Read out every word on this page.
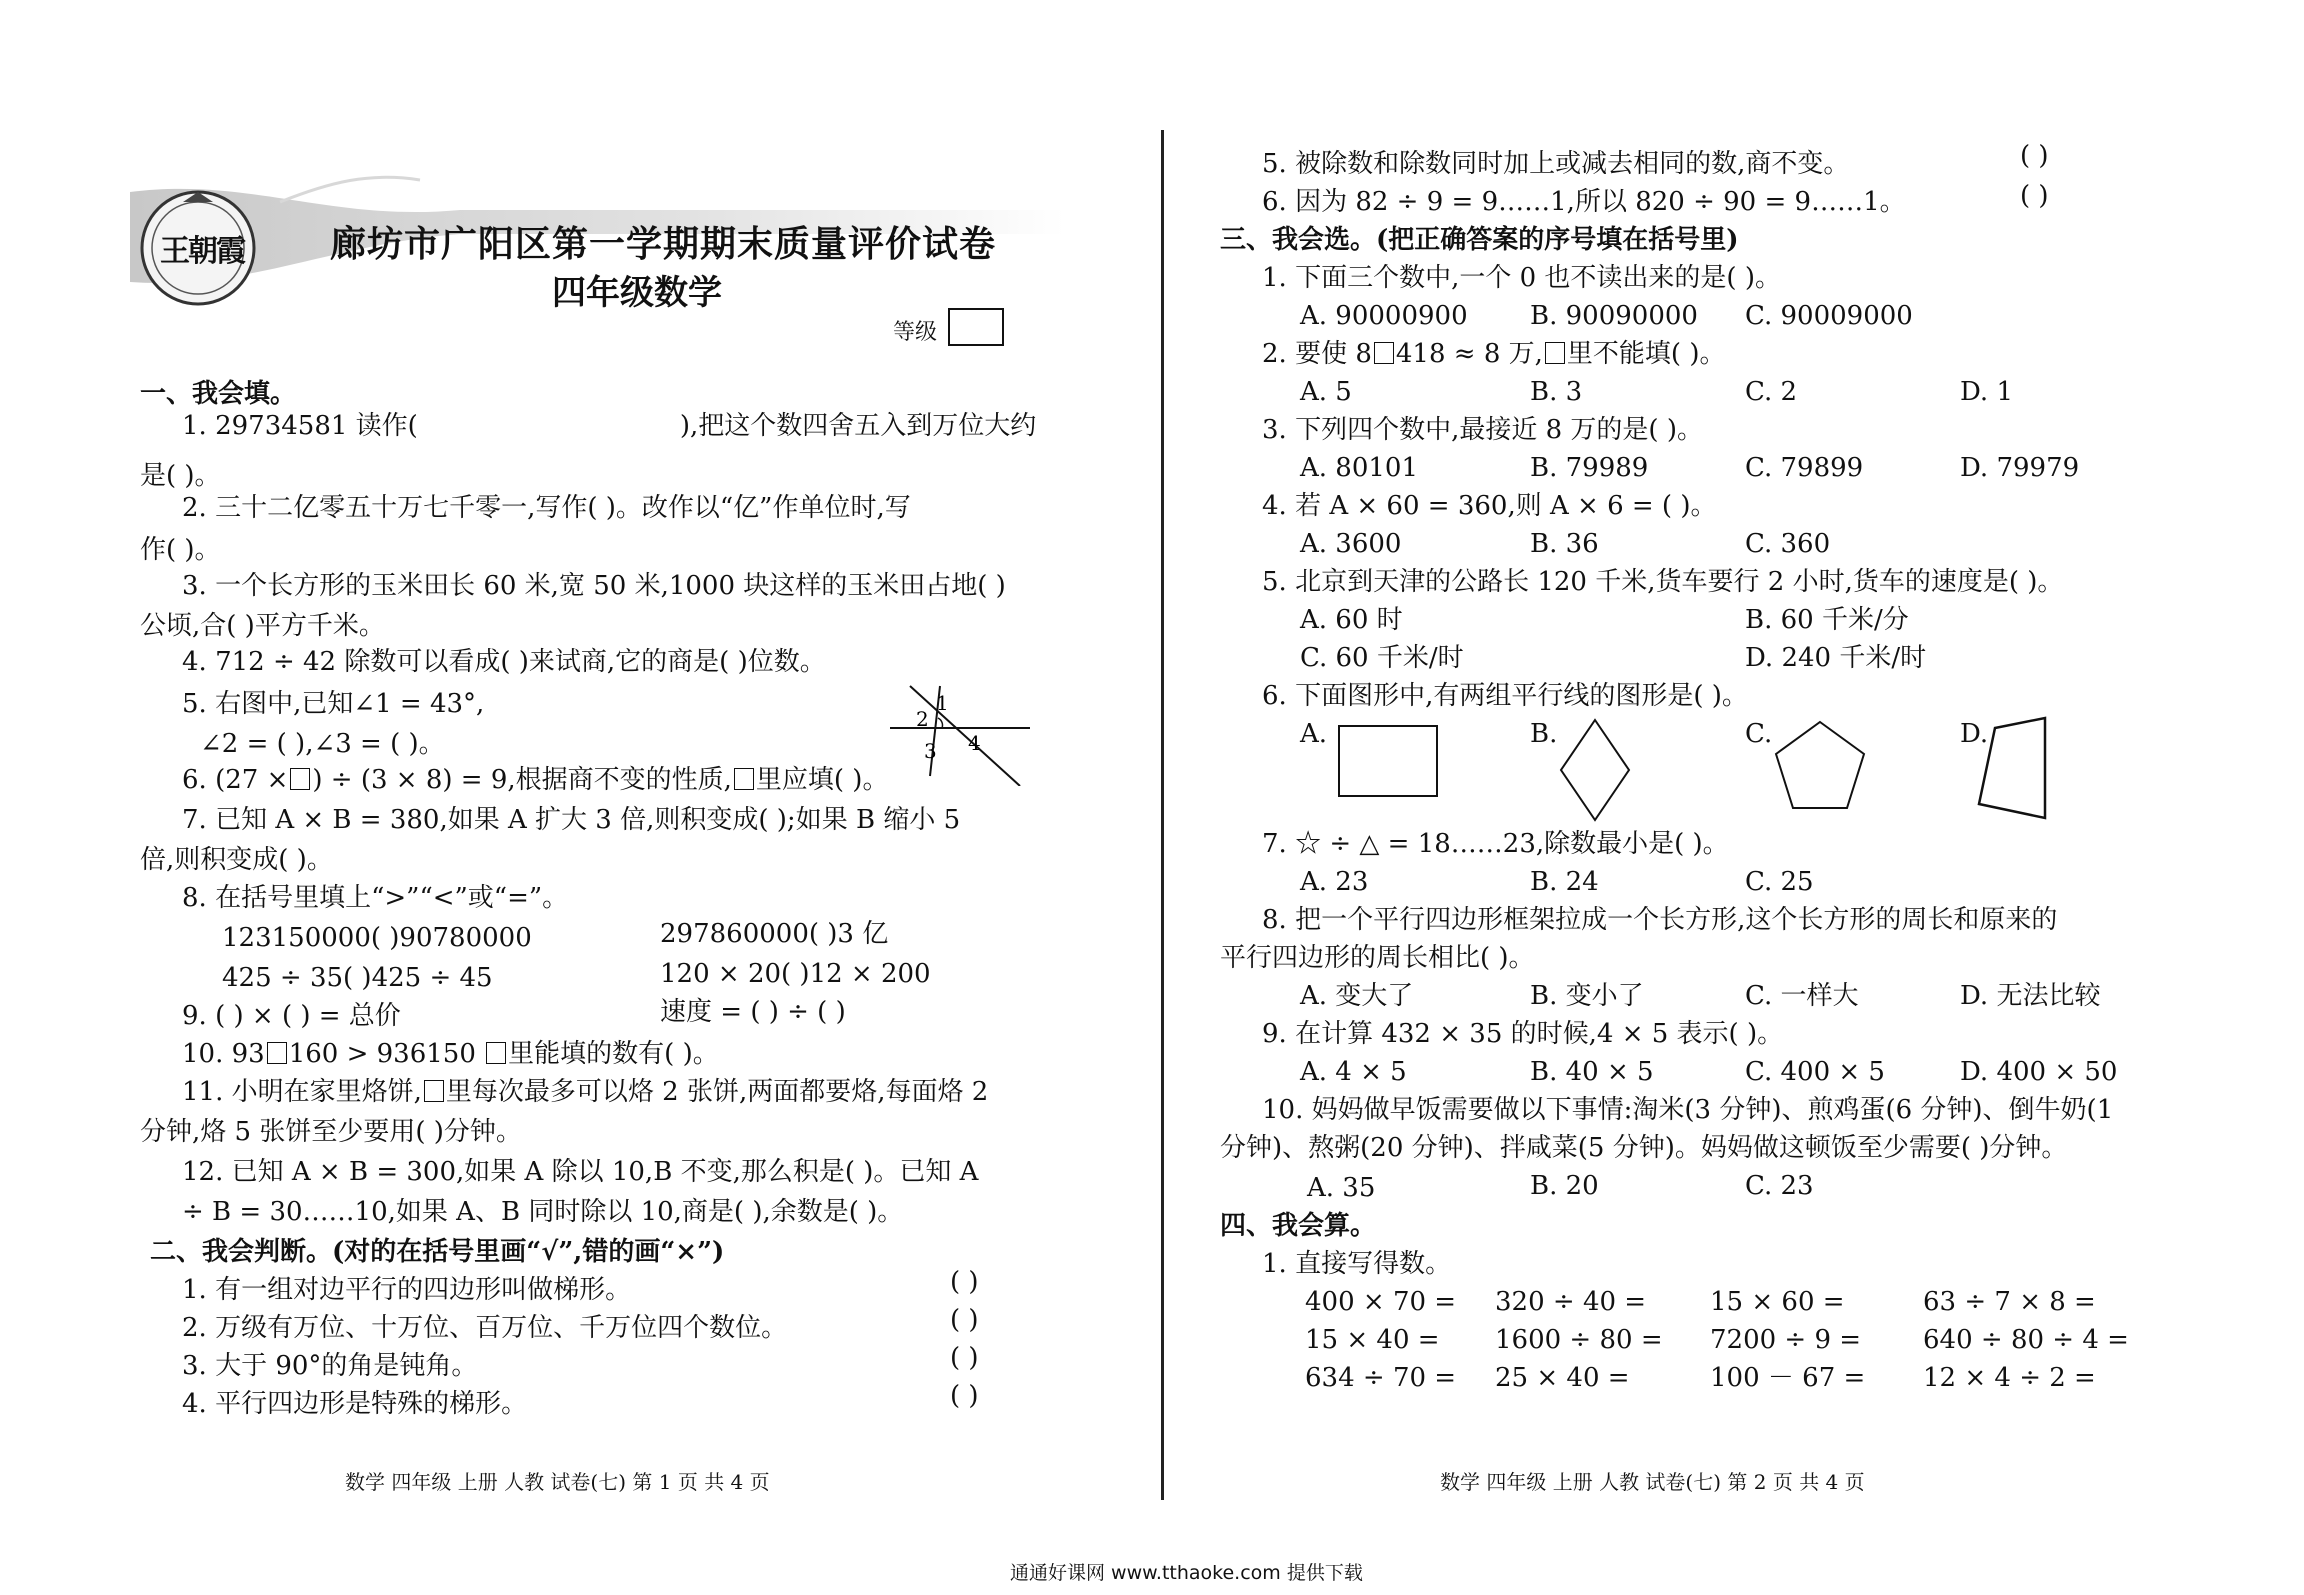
王朝霞 廊坊市广阳区第一学期期末质量评价试卷
四年级数学
等级
一、我会填。
1. 29734581 读作(	),把这个数四舍五入到万位大约
是( )。
2. 三十二亿零五十万七千零一,写作( )。改作以“亿”作单位时,写
作( )。
3. 一个长方形的玉米田长 60 米,宽 50 米,1000 块这样的玉米田占地( )
公顷,合( )平方千米。
4. 712 ÷ 42 除数可以看成( )来试商,它的商是( )位数。
5. 右图中,已知∠1 = 43°,
∠2 = ( ),∠3 = ( )。
1
2
3 4
6. (27 × ) ÷ (3 × 8) = 9,根据商不变的性质, 里应填( )。
7. 已知 A × B = 380,如果 A 扩大 3 倍,则积变成( );如果 B 缩小 5
倍,则积变成( )。
8. 在括号里填上“>”“<”或“=”。
123150000( )90780000	297860000( )3 亿
425 ÷ 35( )425 ÷ 45	120 × 20( )12 × 200
9. ( ) × ( ) = 总价	速度 = ( ) ÷ ( )
10. 93 160 > 936150 里能填的数有( )。
11. 小明在家里烙饼, 里每次最多可以烙 2 张饼,两面都要烙,每面烙 2
分钟,烙 5 张饼至少要用( )分钟。
12. 已知 A × B = 300,如果 A 除以 10,B 不变,那么积是( )。已知 A
÷ B = 30……10,如果 A、B 同时除以 10,商是( ),余数是( )。
二、我会判断。(对的在括号里画“√”,错的画“×”)
1. 有一组对边平行的四边形叫做梯形。	( )
2. 万级有万位、十万位、百万位、千万位四个数位。	( )
3. 大于 90°的角是钝角。	( )
4. 平行四边形是特殊的梯形。	( )
数学 四年级 上册 人教 试卷(七) 第 1 页 共 4 页
5. 被除数和除数同时加上或减去相同的数,商不变。	( )
6. 因为 82 ÷ 9 = 9……1,所以 820 ÷ 90 = 9……1。	( )
三、我会选。(把正确答案的序号填在括号里)
1. 下面三个数中,一个 0 也不读出来的是( )。
A. 90000900 B. 90090000 C. 90009000
2. 要使 8 418 ≈ 8 万, 里不能填( )。
A. 5	B. 3	C. 2	D. 1
3. 下列四个数中,最接近 8 万的是( )。
A. 80101	B. 79989	C. 79899	D. 79979
4. 若 A × 60 = 360,则 A × 6 = ( )。
A. 3600	B. 36	C. 360
5. 北京到天津的公路长 120 千米,货车要行 2 小时,货车的速度是( )。
A. 60 时	B. 60 千米/分
C. 60 千米/时	D. 240 千米/时
6. 下面图形中,有两组平行线的图形是( )。
A.	B.	C.	D.
7. ☆ ÷ △ = 18……23,除数最小是( )。
A. 23	B. 24	C. 25
8. 把一个平行四边形框架拉成一个长方形,这个长方形的周长和原来的
平行四边形的周长相比( )。
A. 变大了	B. 变小了	C. 一样大	D. 无法比较
9. 在计算 432 × 35 的时候,4 × 5 表示( )。
A. 4 × 5	B. 40 × 5	C. 400 × 5	D. 400 × 50
10. 妈妈做早饭需要做以下事情:淘米(3 分钟)、煎鸡蛋(6 分钟)、倒牛奶(1
分钟)、熬粥(20 分钟)、拌咸菜(5 分钟)。妈妈做这顿饭至少需要( )分钟。
A. 35	B. 20	C. 23
四、我会算。
1. 直接写得数。
400 × 70 = 320 ÷ 40 = 15 × 60 =	63 ÷ 7 × 8 =
15 × 40 = 1600 ÷ 80 = 7200 ÷ 9 = 640 ÷ 80 ÷ 4 =
634 ÷ 70 = 25 × 40 =	100 － 67 = 12 × 4 ÷ 2 =
数学 四年级 上册 人教 试卷(七) 第 2 页 共 4 页
通通好课网 www.tthaoke.com 提供下载
